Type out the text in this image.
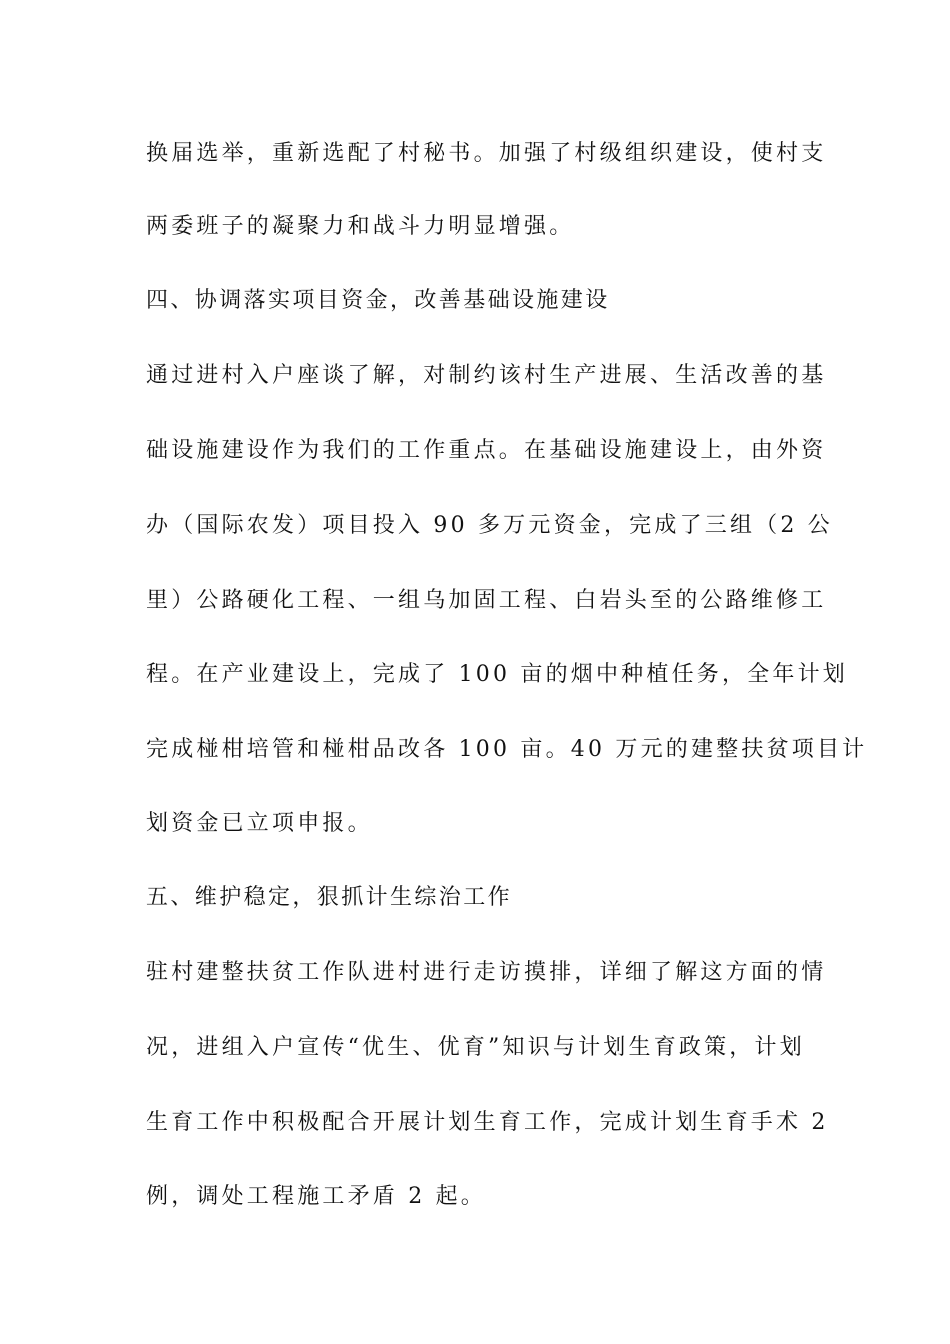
换届选举，重新选配了村秘书。加强了村级组织建设，使村支
两委班子的凝聚力和战斗力明显增强。
四、协调落实项目资金，改善基础设施建设
通过进村入户座谈了解，对制约该村生产进展、生活改善的基
础设施建设作为我们的工作重点。在基础设施建设上，由外资
办（国际农发）项目投入 90 多万元资金，完成了三组（2 公
里）公路硬化工程、一组乌加固工程、白岩头至的公路维修工
程。在产业建设上，完成了 100 亩的烟中种植任务，全年计划
完成椪柑培管和椪柑品改各 100 亩。40 万元的建整扶贫项目计
划资金已立项申报。
五、维护稳定，狠抓计生综治工作
驻村建整扶贫工作队进村进行走访摸排，详细了解这方面的情
况，进组入户宣传“优生、优育”知识与计划生育政策，计划
生育工作中积极配合开展计划生育工作，完成计划生育手术 2
例，调处工程施工矛盾 2 起。
